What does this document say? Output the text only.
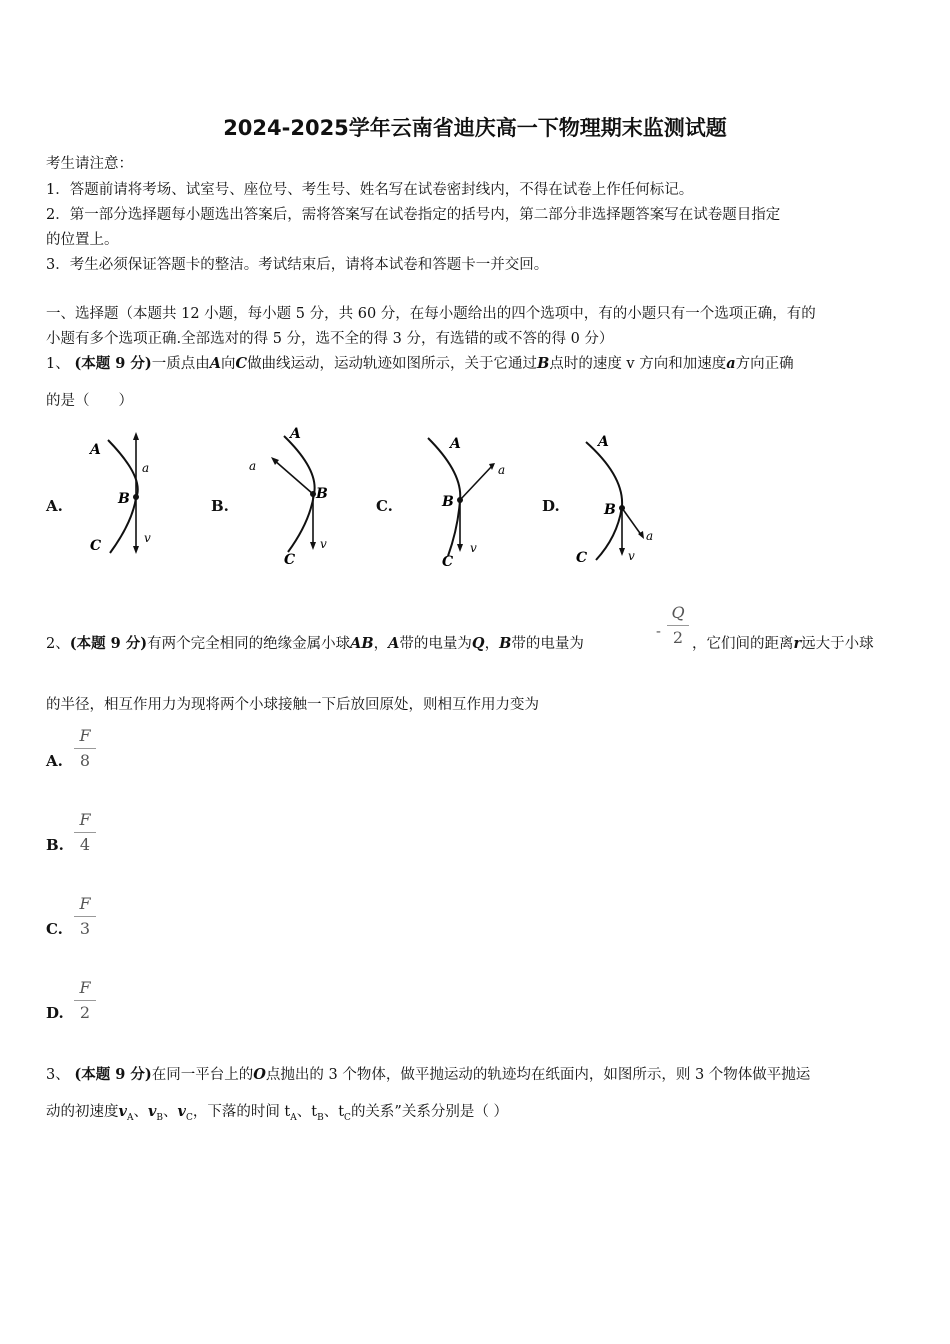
2024-2025学年云南省迪庆高一下物理期末监测试题
考生请注意：
1．答题前请将考场、试室号、座位号、考生号、姓名写在试卷密封线内，不得在试卷上作任何标记。
2．第一部分选择题每小题选出答案后，需将答案写在试卷指定的括号内，第二部分非选择题答案写在试卷题目指定
的位置上。
3．考生必须保证答题卡的整洁。考试结束后，请将本试卷和答题卡一并交回。
一、选择题（本题共 12 小题，每小题 5 分，共 60 分，在每小题给出的四个选项中，有的小题只有一个选项正确，有的
小题有多个选项正确.全部选对的得 5 分，选不全的得 3 分，有选错的或不答的得 0 分）
1、 (本题 9 分)一质点由A向C做曲线运动，运动轨迹如图所示，关于它通过B点时的速度 v 方向和加速度a方向正确
的是（　　）
A.	B.	C.	D.
A
B
C
a
v
A
B
C
a
v
A
B
C
a
v
A
B
C
a
v
2、(本题 9 分)有两个完全相同的绝缘金属小球AB，A带的电量为Q，B带的电量为
-
Q
2 ，它们间的距离r远大于小球
的半径，相互作用力为现将两个小球接触一下后放回原处，则相互作用力变为
A.
F
8
B.
F
4
C.
F
3
D.
F
2
3、 (本题 9 分)在同一平台上的O点抛出的 3 个物体，做平抛运动的轨迹均在纸面内，如图所示，则 3 个物体做平抛运
动的初速度$v_A$、$v_B$、$v_C$，下落的时间 $t_A$、$t_B$、$t_C$的关系”关系分别是（ ）
